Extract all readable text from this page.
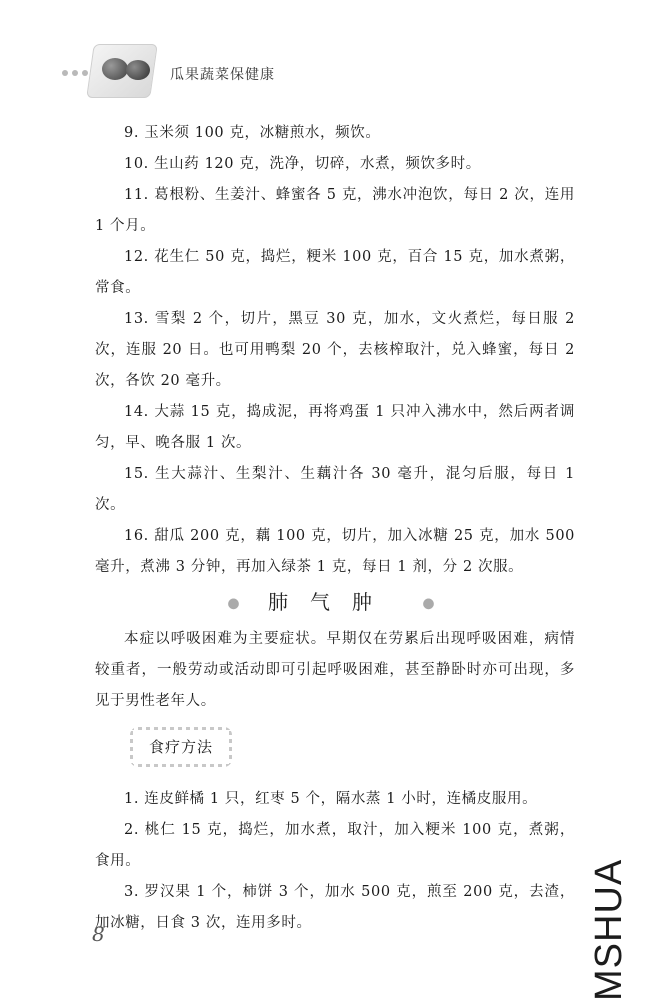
瓜果蔬菜保健康

9. 玉米须 100 克，冰糖煎水，频饮。

10. 生山药 120 克，洗净，切碎，水煮，频饮多时。

11. 葛根粉、生姜汁、蜂蜜各 5 克，沸水冲泡饮，每日 2 次，连用 1 个月。

12. 花生仁 50 克，捣烂，粳米 100 克，百合 15 克，加水煮粥，常食。

13. 雪梨 2 个，切片，黑豆 30 克，加水，文火煮烂，每日服 2 次，连服 20 日。也可用鸭梨 20 个，去核榨取汁，兑入蜂蜜，每日 2 次，各饮 20 毫升。

14. 大蒜 15 克，捣成泥，再将鸡蛋 1 只冲入沸水中，然后两者调匀，早、晚各服 1 次。

15. 生大蒜汁、生梨汁、生藕汁各 30 毫升，混匀后服，每日 1 次。

16. 甜瓜 200 克，藕 100 克，切片，加入冰糖 25 克，加水 500 毫升，煮沸 3 分钟，再加入绿茶 1 克，每日 1 剂，分 2 次服。

● 肺气肿 ●

本症以呼吸困难为主要症状。早期仅在劳累后出现呼吸困难，病情较重者，一般劳动或活动即可引起呼吸困难，甚至静卧时亦可出现，多见于男性老年人。

食疗方法

1. 连皮鲜橘 1 只，红枣 5 个，隔水蒸 1 小时，连橘皮服用。

2. 桃仁 15 克，捣烂，加水煮，取汁，加入粳米 100 克，煮粥，食用。

3. 罗汉果 1 个，柿饼 3 个，加水 500 克，煎至 200 克，去渣，加冰糖，日食 3 次，连用多时。

8	MSHUA
